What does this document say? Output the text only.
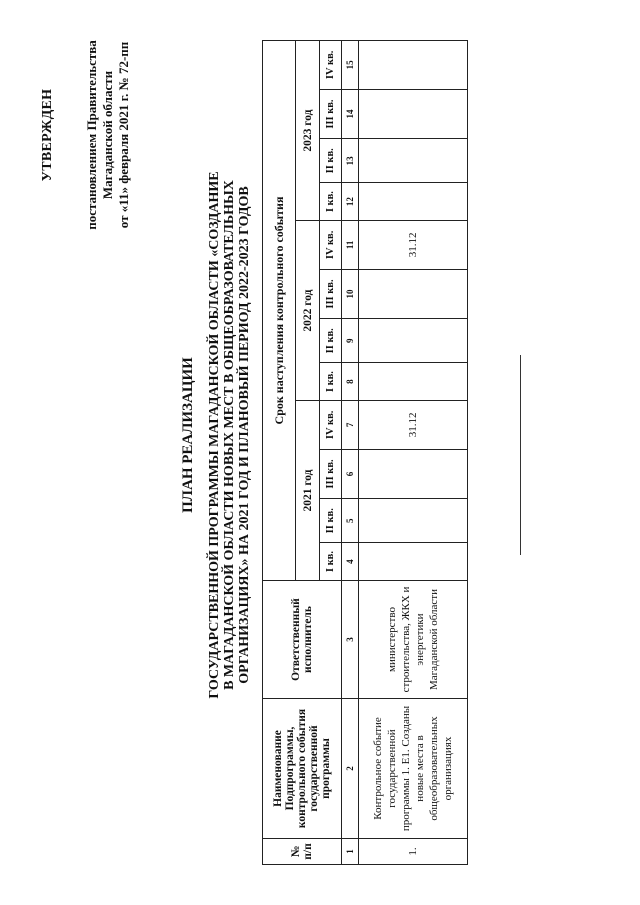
УТВЕРЖДЕН постановлением Правительства Магаданской области от «11» февраля 2021 г. № 72-пп
ПЛАН РЕАЛИЗАЦИИ ГОСУДАРСТВЕННОЙ ПРОГРАММЫ МАГАДАНСКОЙ ОБЛАСТИ «СОЗДАНИЕ В МАГАДАНСКОЙ ОБЛАСТИ НОВЫХ МЕСТ В ОБЩЕОБРАЗОВАТЕЛЬНЫХ ОРГАНИЗАЦИЯХ» НА 2021 ГОД И ПЛАНОВЫЙ ПЕРИОД 2022-2023 ГОДОВ
№ п/п	Наименование Подпрограммы, контрольного события государственной программы	Ответственный исполнитель	Срок наступления контрольного события											
			2021 год				2022 год				2023 год			
			I кв.	II кв.	III кв.	IV кв.	I кв.	II кв.	III кв.	IV кв.	I кв.	II кв.	III кв.	IV кв.
1	2	3	4	5	6	7	8	9	10	11	12	13	14	15
1.	Контрольное событие государственной программы 1. Е1. Созданы новые места в общеобразовательных организациях	министерство строительства, ЖКХ и энергетики Магаданской области				31.12				31.12				
